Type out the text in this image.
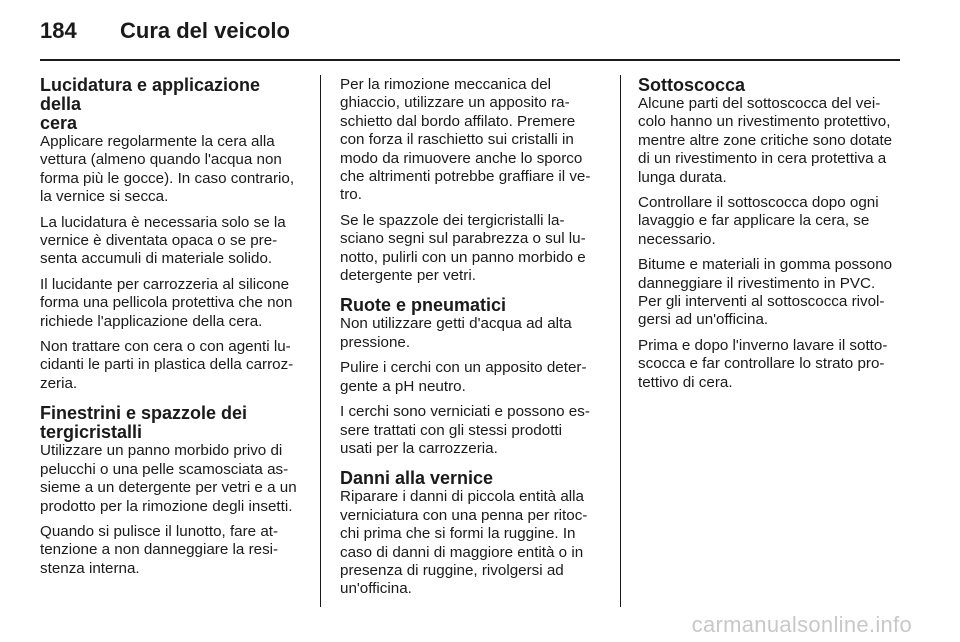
184	Cura del veicolo
Lucidatura e applicazione della
cera
Applicare regolarmente la cera alla
vettura (almeno quando l'acqua non
forma più le gocce). In caso contrario,
la vernice si secca.
La lucidatura è necessaria solo se la
vernice è diventata opaca o se pre-
senta accumuli di materiale solido.
Il lucidante per carrozzeria al silicone
forma una pellicola protettiva che non
richiede l'applicazione della cera.
Non trattare con cera o con agenti lu-
cidanti le parti in plastica della carroz-
zeria.
Finestrini e spazzole dei
tergicristalli
Utilizzare un panno morbido privo di
pelucchi o una pelle scamosciata as-
sieme a un detergente per vetri e a un
prodotto per la rimozione degli insetti.
Quando si pulisce il lunotto, fare at-
tenzione a non danneggiare la resi-
stenza interna.
Per la rimozione meccanica del
ghiaccio, utilizzare un apposito ra-
schietto dal bordo affilato. Premere
con forza il raschietto sui cristalli in
modo da rimuovere anche lo sporco
che altrimenti potrebbe graffiare il ve-
tro.
Se le spazzole dei tergicristalli la-
sciano segni sul parabrezza o sul lu-
notto, pulirli con un panno morbido e
detergente per vetri.
Ruote e pneumatici
Non utilizzare getti d'acqua ad alta
pressione.
Pulire i cerchi con un apposito deter-
gente a pH neutro.
I cerchi sono verniciati e possono es-
sere trattati con gli stessi prodotti
usati per la carrozzeria.
Danni alla vernice
Riparare i danni di piccola entità alla
verniciatura con una penna per ritoc-
chi prima che si formi la ruggine. In
caso di danni di maggiore entità o in
presenza di ruggine, rivolgersi ad
un'officina.
Sottoscocca
Alcune parti del sottoscocca del vei-
colo hanno un rivestimento protettivo,
mentre altre zone critiche sono dotate
di un rivestimento in cera protettiva a
lunga durata.
Controllare il sottoscocca dopo ogni
lavaggio e far applicare la cera, se
necessario.
Bitume e materiali in gomma possono
danneggiare il rivestimento in PVC.
Per gli interventi al sottoscocca rivol-
gersi ad un'officina.
Prima e dopo l'inverno lavare il sotto-
scocca e far controllare lo strato pro-
tettivo di cera.
carmanualsonline.info
